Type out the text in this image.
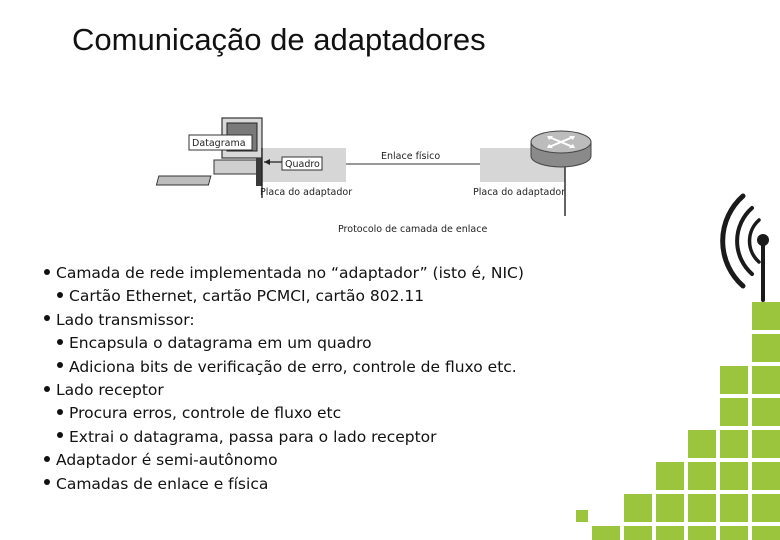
Comunicação de adaptadores
Datagrama
Enlace físico
Quadro
Placa do adaptador	Placa do adaptador
Protocolo de camada de enlace
Camada de rede implementada no “adaptador” (isto é, NIC)
Cartão Ethernet, cartão PCMCI, cartão 802.11
Lado transmissor:
Encapsula o datagrama em um quadro
Adiciona bits de verificação de erro, controle de fluxo etc.
Lado receptor
Procura erros, controle de fluxo etc
Extrai o datagrama, passa para o lado receptor
Adaptador é semi-autônomo
Camadas de enlace e física
